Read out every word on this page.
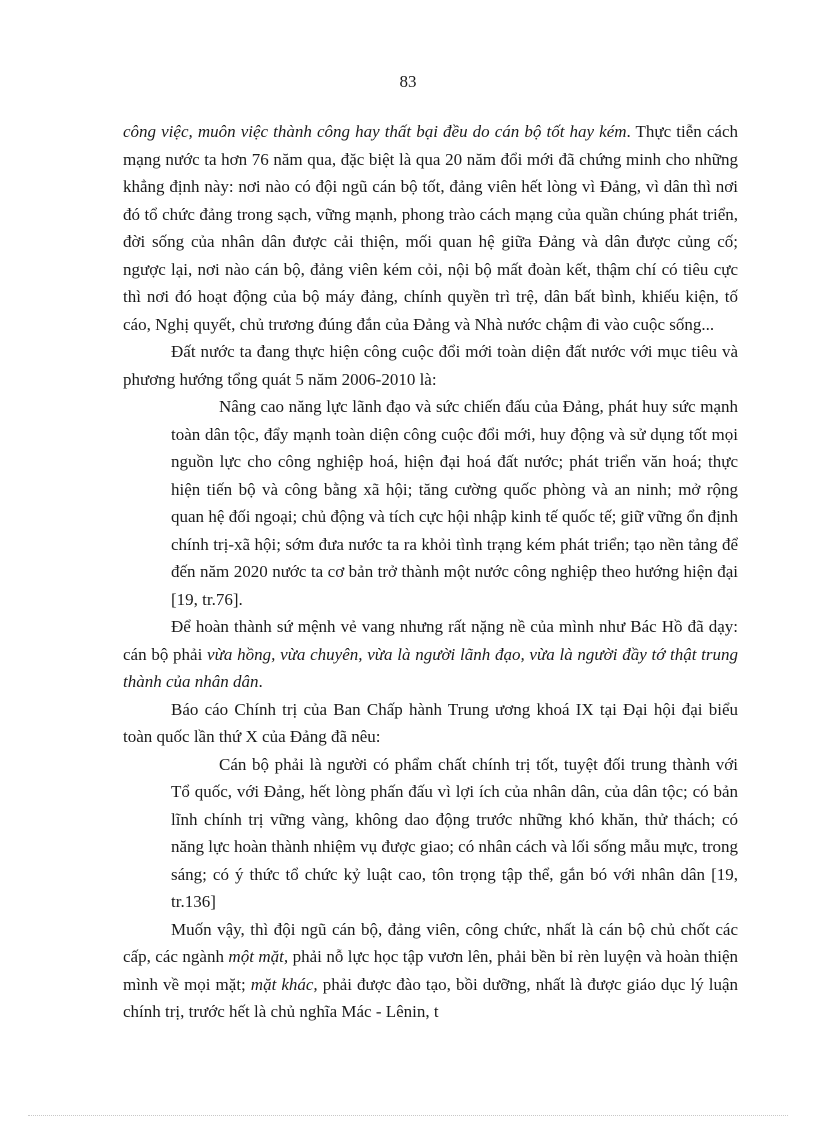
83

công việc, muôn việc thành công hay thất bại đều do cán bộ tốt hay kém. Thực tiễn cách mạng nước ta hơn 76 năm qua, đặc biệt là qua 20 năm đổi mới đã chứng minh cho những khẳng định này: nơi nào có đội ngũ cán bộ tốt, đảng viên hết lòng vì Đảng, vì dân thì nơi đó tổ chức đảng trong sạch, vững mạnh, phong trào cách mạng của quần chúng phát triển, đời sống của nhân dân được cải thiện, mối quan hệ giữa Đảng và dân được củng cố; ngược lại, nơi nào cán bộ, đảng viên kém cỏi, nội bộ mất đoàn kết, thậm chí có tiêu cực thì nơi đó hoạt động của bộ máy đảng, chính quyền trì trệ, dân bất bình, khiếu kiện, tố cáo, Nghị quyết, chủ trương đúng đắn của Đảng và Nhà nước chậm đi vào cuộc sống...

Đất nước ta đang thực hiện công cuộc đổi mới toàn diện đất nước với mục tiêu và phương hướng tổng quát 5 năm 2006-2010 là:

Nâng cao năng lực lãnh đạo và sức chiến đấu của Đảng, phát huy sức mạnh toàn dân tộc, đẩy mạnh toàn diện công cuộc đổi mới, huy động và sử dụng tốt mọi nguồn lực cho công nghiệp hoá, hiện đại hoá đất nước; phát triển văn hoá; thực hiện tiến bộ và công bằng xã hội; tăng cường quốc phòng và an ninh; mở rộng quan hệ đối ngoại; chủ động và tích cực hội nhập kinh tế quốc tế; giữ vững ổn định chính trị-xã hội; sớm đưa nước ta ra khỏi tình trạng kém phát triển; tạo nền tảng để đến năm 2020 nước ta cơ bản trở thành một nước công nghiệp theo hướng hiện đại [19, tr.76].

Để hoàn thành sứ mệnh vẻ vang nhưng rất nặng nề của mình như Bác Hồ đã dạy: cán bộ phải vừa hồng, vừa chuyên, vừa là người lãnh đạo, vừa là người đầy tớ thật trung thành của nhân dân.

Báo cáo Chính trị của Ban Chấp hành Trung ương khoá IX tại Đại hội đại biểu toàn quốc lần thứ X của Đảng đã nêu:

Cán bộ phải là người có phẩm chất chính trị tốt, tuyệt đối trung thành với Tổ quốc, với Đảng, hết lòng phấn đấu vì lợi ích của nhân dân, của dân tộc; có bản lĩnh chính trị vững vàng, không dao động trước những khó khăn, thử thách; có năng lực hoàn thành nhiệm vụ được giao; có nhân cách và lối sống mẫu mực, trong sáng; có ý thức tổ chức kỷ luật cao, tôn trọng tập thể, gắn bó với nhân dân [19, tr.136]

Muốn vậy, thì đội ngũ cán bộ, đảng viên, công chức, nhất là cán bộ chủ chốt các cấp, các ngành một mặt, phải nỗ lực học tập vươn lên, phải bền bỉ rèn luyện và hoàn thiện mình về mọi mặt; mặt khác, phải được đào tạo, bồi dưỡng, nhất là được giáo dục lý luận chính trị, trước hết là chủ nghĩa Mác - Lênin, t
